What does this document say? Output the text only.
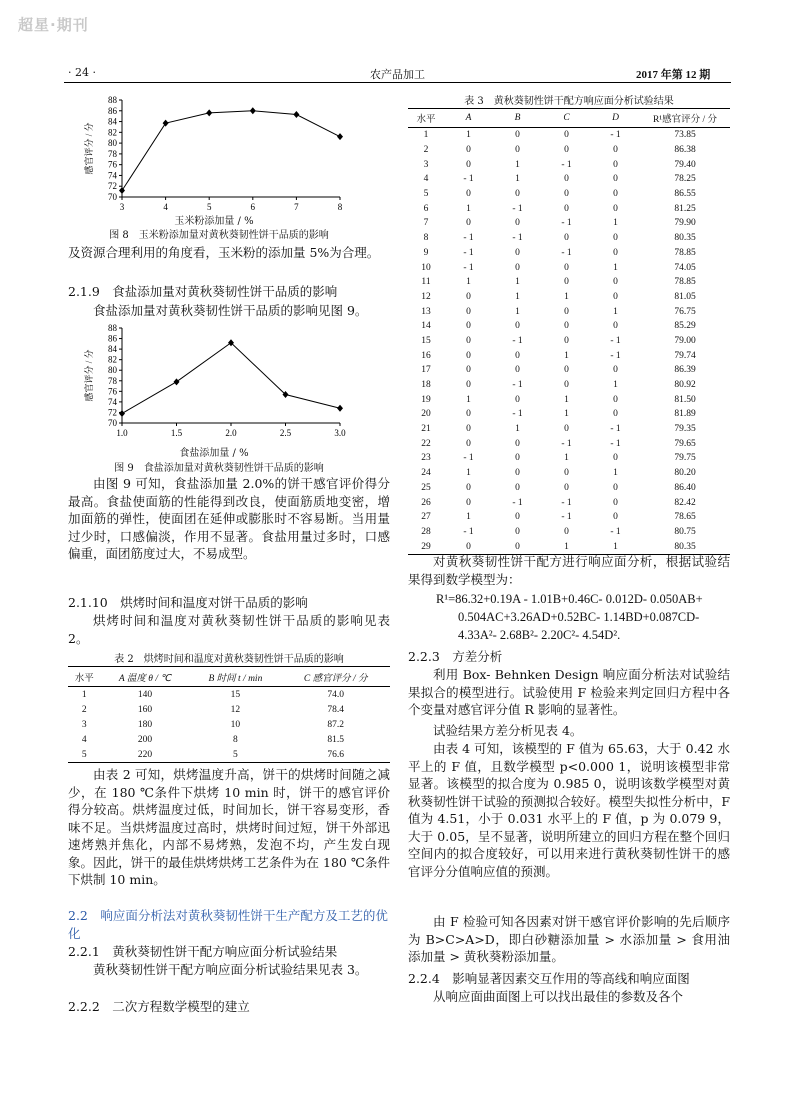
超星·期刊
· 24 ·	农产品加工	2017 年第 12 期
70
72
74
76
78
80
82
84
86
88
3	4	5	6	7	8
感官评分 / 分
玉米粉添加量 / %
图 8　玉米粉添加量对黄秋葵韧性饼干品质的影响
及资源合理利用的角度看，玉米粉的添加量 5%为合理。
2.1.9　食盐添加量对黄秋葵韧性饼干品质的影响
食盐添加量对黄秋葵韧性饼干品质的影响见图 9。
70
72
74
76
78
80
82
84
86
88
1.0	1.5	2.0	2.5	3.0
感官评分 / 分
食盐添加量 / %
图 9　食盐添加量对黄秋葵韧性饼干品质的影响
由图 9 可知，食盐添加量 2.0%的饼干感官评价得分最高。食盐使面筋的性能得到改良，使面筋质地变密，增加面筋的弹性，使面团在延伸或膨胀时不容易断。当用量过少时，口感偏淡，作用不显著。食盐用量过多时，口感偏重，面团筋度过大，不易成型。
2.1.10　烘烤时间和温度对饼干品质的影响
烘烤时间和温度对黄秋葵韧性饼干品质的影响见表 2。
表 2　烘烤时间和温度对黄秋葵韧性饼干品质的影响
水平	A 温度 θ / ℃	B 时间 t / min	C 感官评分 / 分
1	140	15	74.0
2	160	12	78.4
3	180	10	87.2
4	200	8	81.5
5	220	5	76.6
由表 2 可知，烘烤温度升高，饼干的烘烤时间随之减少，在 180 ℃条件下烘烤 10 min 时，饼干的感官评价得分较高。烘烤温度过低，时间加长，饼干容易变形，香味不足。当烘烤温度过高时，烘烤时间过短，饼干外部迅速烤熟并焦化，内部不易烤熟，发泡不均，产生发白现象。因此，饼干的最佳烘烤烘烤工艺条件为在 180 ℃条件下烘制 10 min。
2.2　响应面分析法对黄秋葵韧性饼干生产配方及工艺的优化
2.2.1　黄秋葵韧性饼干配方响应面分析试验结果
黄秋葵韧性饼干配方响应面分析试验结果见表 3。
2.2.2　二次方程数学模型的建立
表 3　黄秋葵韧性饼干配方响应面分析试验结果
水平	A	B	C	D	R¹感官评分 / 分
1	1	0	0	- 1	73.85
2	0	0	0	0	86.38
3	0	1	- 1	0	79.40
4	- 1	1	0	0	78.25
5	0	0	0	0	86.55
6	1	- 1	0	0	81.25
7	0	0	- 1	1	79.90
8	- 1	- 1	0	0	80.35
9	- 1	0	- 1	0	78.85
10	- 1	0	0	1	74.05
11	1	1	0	0	78.85
12	0	1	1	0	81.05
13	0	1	0	1	76.75
14	0	0	0	0	85.29
15	0	- 1	0	- 1	79.00
16	0	0	1	- 1	79.74
17	0	0	0	0	86.39
18	0	- 1	0	1	80.92
19	1	0	1	0	81.50
20	0	- 1	1	0	81.89
21	0	1	0	- 1	79.35
22	0	0	- 1	- 1	79.65
23	- 1	0	1	0	79.75
24	1	0	0	1	80.20
25	0	0	0	0	86.40
26	0	- 1	- 1	0	82.42
27	1	0	- 1	0	78.65
28	- 1	0	0	- 1	80.75
29	0	0	1	1	80.35
对黄秋葵韧性饼干配方进行响应面分析，根据试验结果得到数学模型为：
R¹=86.32+0.19A - 1.01B+0.46C- 0.012D- 0.050AB+
0.504AC+3.26AD+0.52BC- 1.14BD+0.087CD-
4.33A²- 2.68B²- 2.20C²- 4.54D².
2.2.3　方差分析
利用 Box- Behnken Design 响应面分析法对试验结果拟合的模型进行。试验使用 F 检验来判定回归方程中各个变量对感官评分值 R 影响的显著性。
试验结果方差分析见表 4。
由表 4 可知，该模型的 F 值为 65.63，大于 0.42 水平上的 F 值，且数学模型 p<0.000 1，说明该模型非常显著。该模型的拟合度为 0.985 0，说明该数学模型对黄秋葵韧性饼干试验的预测拟合较好。模型失拟性分析中，F 值为 4.51，小于 0.031 水平上的 F 值，p 为 0.079 9，大于 0.05，呈不显著，说明所建立的回归方程在整个回归空间内的拟合度较好，可以用来进行黄秋葵韧性饼干的感官评分分值响应值的预测。
由 F 检验可知各因素对饼干感官评价影响的先后顺序为 B>C>A>D，即白砂糖添加量 > 水添加量 > 食用油添加量 > 黄秋葵粉添加量。
2.2.4　影响显著因素交互作用的等高线和响应面图
从响应面曲面图上可以找出最佳的参数及各个
